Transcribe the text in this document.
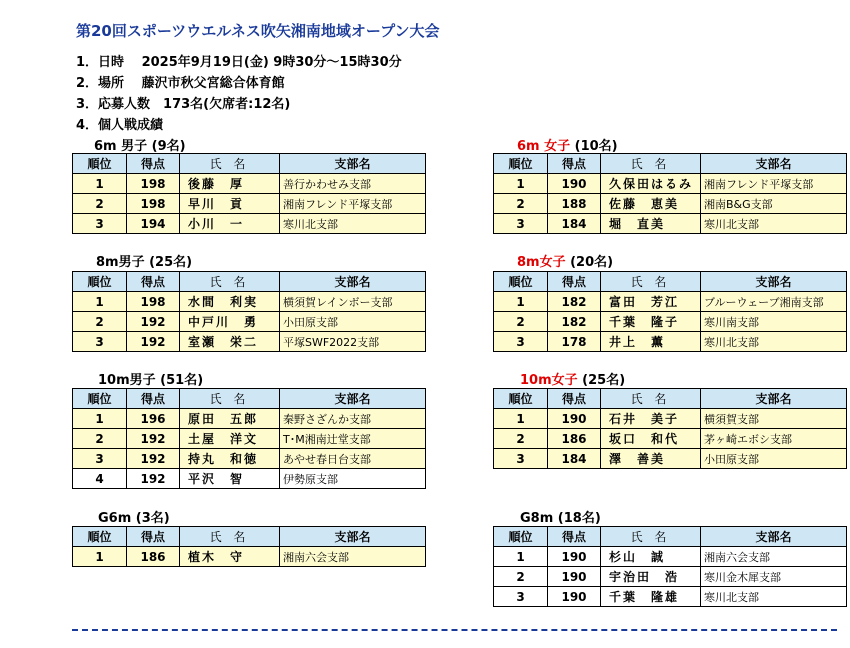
第20回スポーツウエルネス吹矢湘南地域オープン大会
1．日時　 2025年9月19日(金) 9時30分～15時30分
2．場所　 藤沢市秋父宮総合体育館
3．応募人数　173名(欠席者:12名)
4．個人戦成績
6m 男子 (9名)
順位	得点	氏 名	支部名
1	198	後藤　厚	善行かわせみ支部
2	198	早川　貢	湘南フレンド平塚支部
3	194	小川　一	寒川北支部
6m 女子 (10名)
順位	得点	氏 名	支部名
1	190	久保田はるみ	湘南フレンド平塚支部
2	188	佐藤　恵美	湘南B&G支部
3	184	堀　直美	寒川北支部
8m男子 (25名)
順位	得点	氏 名	支部名
1	198	水間　利実	横須賀レインボー支部
2	192	中戸川　勇	小田原支部
3	192	室瀬　栄二	平塚SWF2022支部
8m女子 (20名)
順位	得点	氏 名	支部名
1	182	富田　芳江	ブルーウェーブ湘南支部
2	182	千葉　隆子	寒川南支部
3	178	井上　薫	寒川北支部
10m男子 (51名)
順位	得点	氏 名	支部名
1	196	原田　五郎	秦野さざんか支部
2	192	土屋　洋文	T･M湘南辻堂支部
3	192	持丸　和徳	あやせ春日台支部
4	192	平沢　智	伊勢原支部
10m女子 (25名)
順位	得点	氏 名	支部名
1	190	石井　美子	横須賀支部
2	186	坂口　和代	茅ヶ崎エボシ支部
3	184	澤　善美	小田原支部
G6m (3名)
順位	得点	氏 名	支部名
1	186	植木　守	湘南六会支部
G8m (18名)
順位	得点	氏 名	支部名
1	190	杉山　誠	湘南六会支部
2	190	宇治田　浩	寒川金木犀支部
3	190	千葉　隆雄	寒川北支部
